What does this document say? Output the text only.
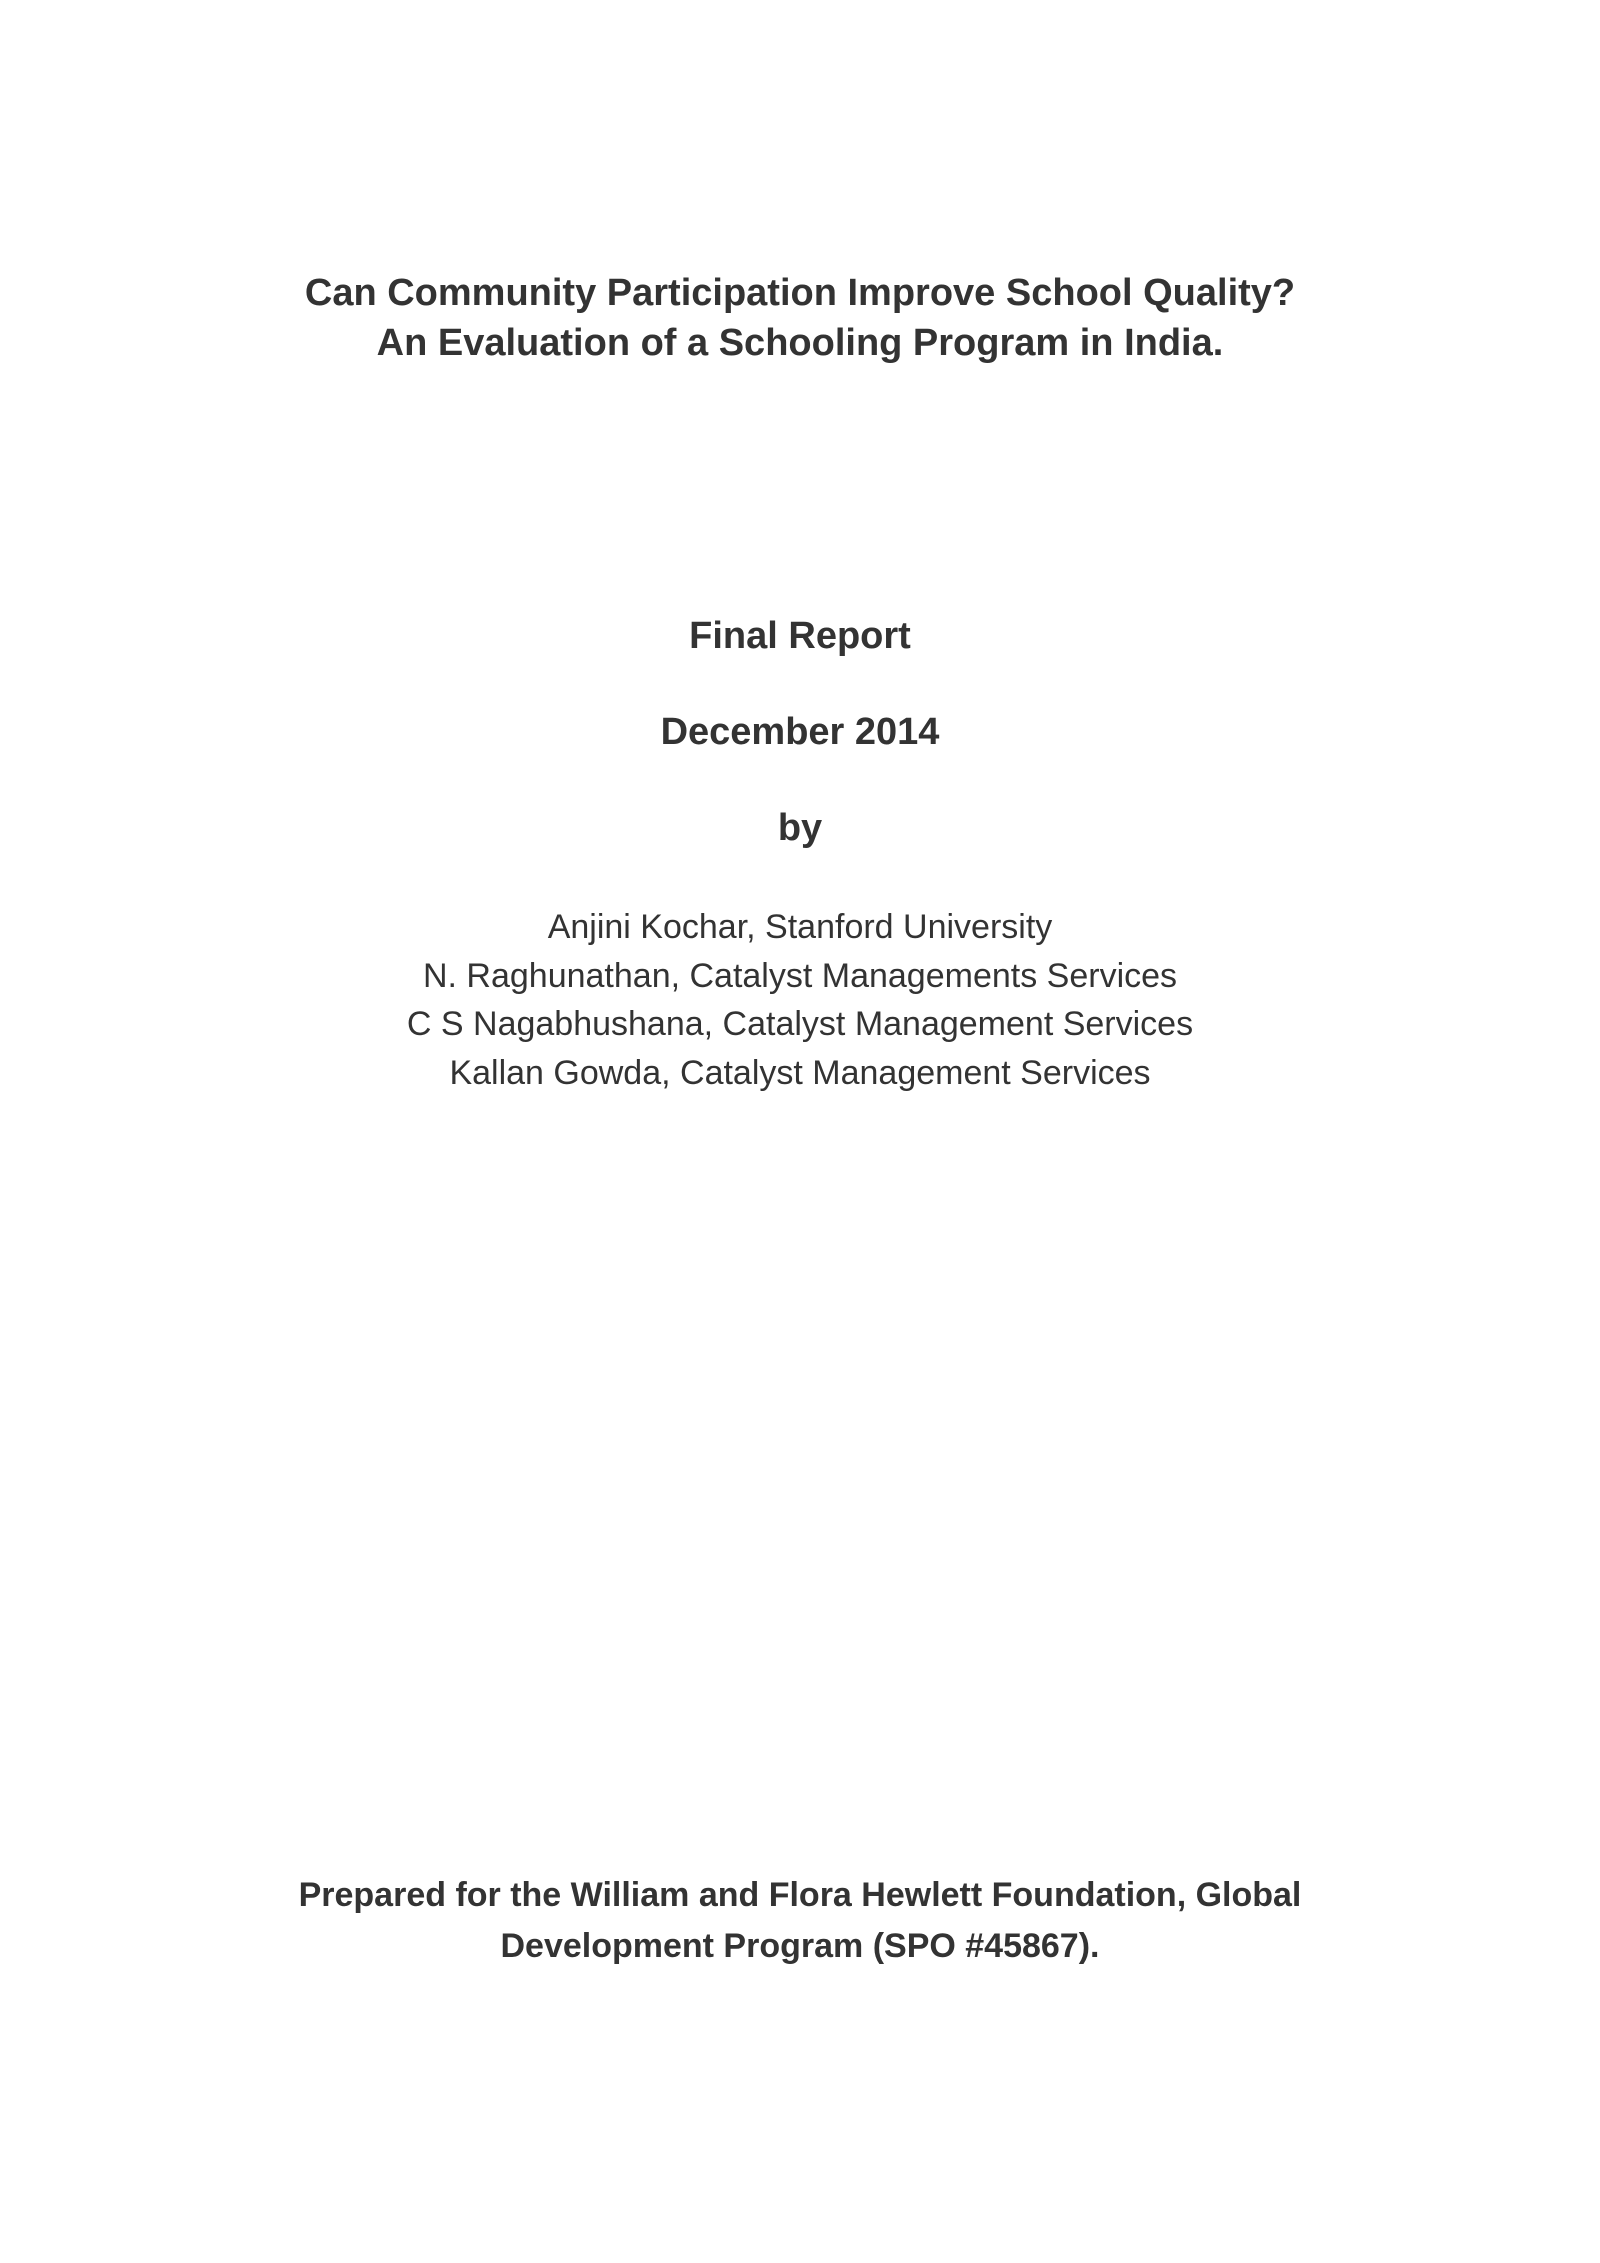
Can Community Participation Improve School Quality?
An Evaluation of a Schooling Program in India.
Final Report
December 2014
by
Anjini Kochar, Stanford University
N. Raghunathan, Catalyst Managements Services
C S Nagabhushana, Catalyst Management Services
Kallan Gowda, Catalyst Management Services
Prepared for the William and Flora Hewlett Foundation, Global
Development Program (SPO #45867).
